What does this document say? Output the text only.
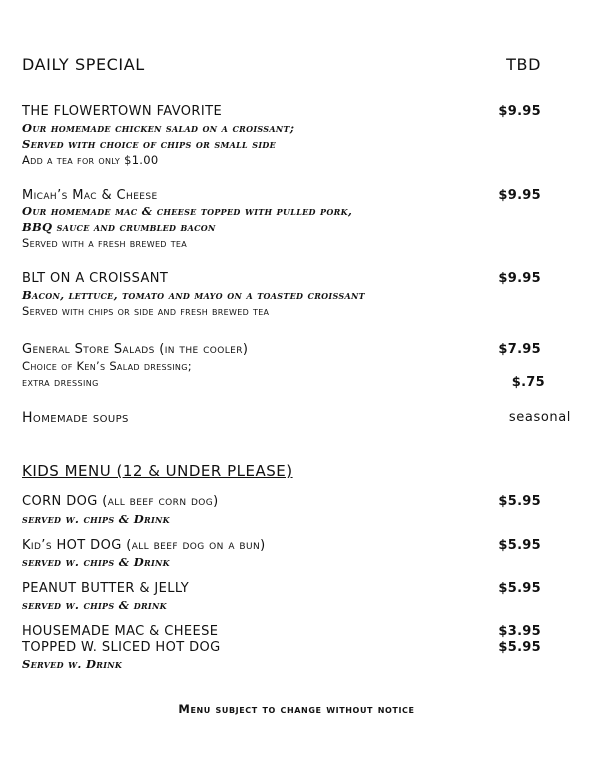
DAILY SPECIAL	TBD
THE FLOWERTOWN FAVORITE	$9.95
Our homemade chicken salad on a croissant;
Served with choice of chips or small side
Add a tea for only $1.00
Micah’s Mac & Cheese	$9.95
Our homemade mac & cheese topped with pulled pork,
BBQ sauce and crumbled bacon
Served with a fresh brewed tea
BLT ON A CROISSANT	$9.95
Bacon, lettuce, tomato and mayo on a toasted croissant
Served with chips or side and fresh brewed tea
General Store Salads (in the cooler)	$7.95
Choice of Ken’s Salad dressing;
extra dressing	$.75
Homemade soups	seasonal
KIDS MENU (12 & UNDER PLEASE)
CORN DOG (all beef corn dog)	$5.95
served w. chips & Drink
Kid’s HOT DOG (all beef dog on a bun)	$5.95
served w. chips & Drink
PEANUT BUTTER & JELLY	$5.95
served w. chips & drink
HOUSEMADE MAC & CHEESE	$3.95
TOPPED W. SLICED HOT DOG	$5.95
Served w. Drink
Menu subject to change without notice
